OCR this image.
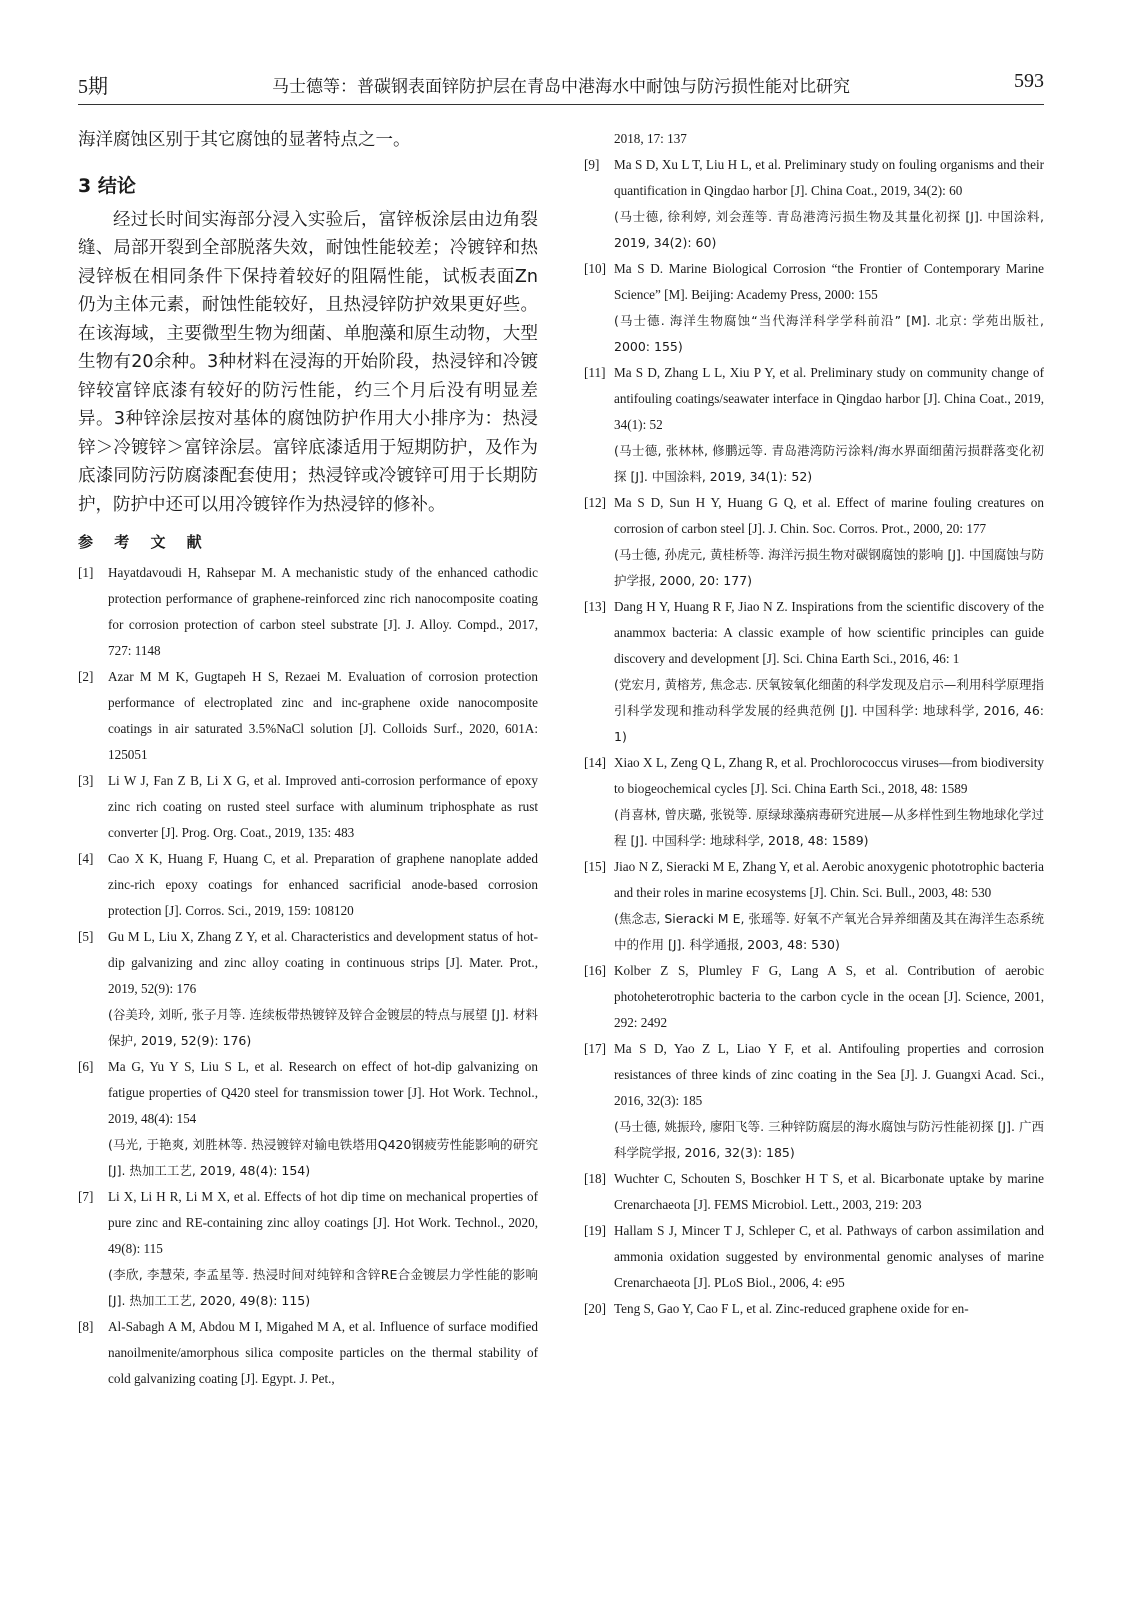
5期	马士德等：普碳钢表面锌防护层在青岛中港海水中耐蚀与防污损性能对比研究	593

海洋腐蚀区别于其它腐蚀的显著特点之一。

3 结论

经过长时间实海部分浸入实验后，富锌板涂层由边角裂缝、局部开裂到全部脱落失效，耐蚀性能较差；冷镀锌和热浸锌板在相同条件下保持着较好的阻隔性能，试板表面Zn仍为主体元素，耐蚀性能较好，且热浸锌防护效果更好些。在该海域，主要微型生物为细菌、单胞藻和原生动物，大型生物有20余种。3种材料在浸海的开始阶段，热浸锌和冷镀锌较富锌底漆有较好的防污性能，约三个月后没有明显差异。3种锌涂层按对基体的腐蚀防护作用大小排序为：热浸锌＞冷镀锌＞富锌涂层。富锌底漆适用于短期防护，及作为底漆同防污防腐漆配套使用；热浸锌或冷镀锌可用于长期防护，防护中还可以用冷镀锌作为热浸锌的修补。

参 考 文 献
[1] Hayatdavoudi H, Rahsepar M. A mechanistic study of the enhanced cathodic protection performance of graphene-reinforced zinc rich nanocomposite coating for corrosion protection of carbon steel substrate [J]. J. Alloy. Compd., 2017, 727: 1148
[2] Azar M M K, Gugtapeh H S, Rezaei M. Evaluation of corrosion protection performance of electroplated zinc and inc-graphene oxide nanocomposite coatings in air saturated 3.5%NaCl solution [J]. Colloids Surf., 2020, 601A: 125051
[3] Li W J, Fan Z B, Li X G, et al. Improved anti-corrosion performance of epoxy zinc rich coating on rusted steel surface with aluminum triphosphate as rust converter [J]. Prog. Org. Coat., 2019, 135: 483
[4] Cao X K, Huang F, Huang C, et al. Preparation of graphene nanoplate added zinc-rich epoxy coatings for enhanced sacrificial anode-based corrosion protection [J]. Corros. Sci., 2019, 159: 108120
[5] Gu M L, Liu X, Zhang Z Y, et al. Characteristics and development status of hot-dip galvanizing and zinc alloy coating in continuous strips [J]. Mater. Prot., 2019, 52(9): 176
(谷美玲, 刘昕, 张子月等. 连续板带热镀锌及锌合金镀层的特点与展望 [J]. 材料保护, 2019, 52(9): 176)
[6] Ma G, Yu Y S, Liu S L, et al. Research on effect of hot-dip galvanizing on fatigue properties of Q420 steel for transmission tower [J]. Hot Work. Technol., 2019, 48(4): 154
(马光, 于艳爽, 刘胜林等. 热浸镀锌对输电铁塔用Q420钢疲劳性能影响的研究 [J]. 热加工工艺, 2019, 48(4): 154)
[7] Li X, Li H R, Li M X, et al. Effects of hot dip time on mechanical properties of pure zinc and RE-containing zinc alloy coatings [J]. Hot Work. Technol., 2020, 49(8): 115
(李欣, 李慧荣, 李孟星等. 热浸时间对纯锌和含锌RE合金镀层力学性能的影响 [J]. 热加工工艺, 2020, 49(8): 115)
[8] Al-Sabagh A M, Abdou M I, Migahed M A, et al. Influence of surface modified nanoilmenite/amorphous silica composite particles on the thermal stability of cold galvanizing coating [J]. Egypt. J. Pet.,
2018, 17: 137
[9] Ma S D, Xu L T, Liu H L, et al. Preliminary study on fouling organisms and their quantification in Qingdao harbor [J]. China Coat., 2019, 34(2): 60
(马士德, 徐利婷, 刘会莲等. 青岛港湾污损生物及其量化初探 [J]. 中国涂料, 2019, 34(2): 60)
[10] Ma S D. Marine Biological Corrosion “the Frontier of Contemporary Marine Science” [M]. Beijing: Academy Press, 2000: 155
(马士德. 海洋生物腐蚀“当代海洋科学学科前沿” [M]. 北京: 学苑出版社, 2000: 155)
[11] Ma S D, Zhang L L, Xiu P Y, et al. Preliminary study on community change of antifouling coatings/seawater interface in Qingdao harbor [J]. China Coat., 2019, 34(1): 52
(马士德, 张林林, 修鹏远等. 青岛港湾防污涂料/海水界面细菌污损群落变化初探 [J]. 中国涂料, 2019, 34(1): 52)
[12] Ma S D, Sun H Y, Huang G Q, et al. Effect of marine fouling creatures on corrosion of carbon steel [J]. J. Chin. Soc. Corros. Prot., 2000, 20: 177
(马士德, 孙虎元, 黄桂桥等. 海洋污损生物对碳钢腐蚀的影响 [J]. 中国腐蚀与防护学报, 2000, 20: 177)
[13] Dang H Y, Huang R F, Jiao N Z. Inspirations from the scientific discovery of the anammox bacteria: A classic example of how scientific principles can guide discovery and development [J]. Sci. China Earth Sci., 2016, 46: 1
(党宏月, 黄榕芳, 焦念志. 厌氧铵氧化细菌的科学发现及启示—利用科学原理指引科学发现和推动科学发展的经典范例 [J]. 中国科学: 地球科学, 2016, 46: 1)
[14] Xiao X L, Zeng Q L, Zhang R, et al. Prochlorococcus viruses—from biodiversity to biogeochemical cycles [J]. Sci. China Earth Sci., 2018, 48: 1589
(肖喜林, 曾庆璐, 张锐等. 原绿球藻病毒研究进展—从多样性到生物地球化学过程 [J]. 中国科学: 地球科学, 2018, 48: 1589)
[15] Jiao N Z, Sieracki M E, Zhang Y, et al. Aerobic anoxygenic phototrophic bacteria and their roles in marine ecosystems [J]. Chin. Sci. Bull., 2003, 48: 530
(焦念志, Sieracki M E, 张瑶等. 好氧不产氧光合异养细菌及其在海洋生态系统中的作用 [J]. 科学通报, 2003, 48: 530)
[16] Kolber Z S, Plumley F G, Lang A S, et al. Contribution of aerobic photoheterotrophic bacteria to the carbon cycle in the ocean [J]. Science, 2001, 292: 2492
[17] Ma S D, Yao Z L, Liao Y F, et al. Antifouling properties and corrosion resistances of three kinds of zinc coating in the Sea [J]. J. Guangxi Acad. Sci., 2016, 32(3): 185
(马士德, 姚振玲, 廖阳飞等. 三种锌防腐层的海水腐蚀与防污性能初探 [J]. 广西科学院学报, 2016, 32(3): 185)
[18] Wuchter C, Schouten S, Boschker H T S, et al. Bicarbonate uptake by marine Crenarchaeota [J]. FEMS Microbiol. Lett., 2003, 219: 203
[19] Hallam S J, Mincer T J, Schleper C, et al. Pathways of carbon assimilation and ammonia oxidation suggested by environmental genomic analyses of marine Crenarchaeota [J]. PLoS Biol., 2006, 4: e95
[20] Teng S, Gao Y, Cao F L, et al. Zinc-reduced graphene oxide for en-
